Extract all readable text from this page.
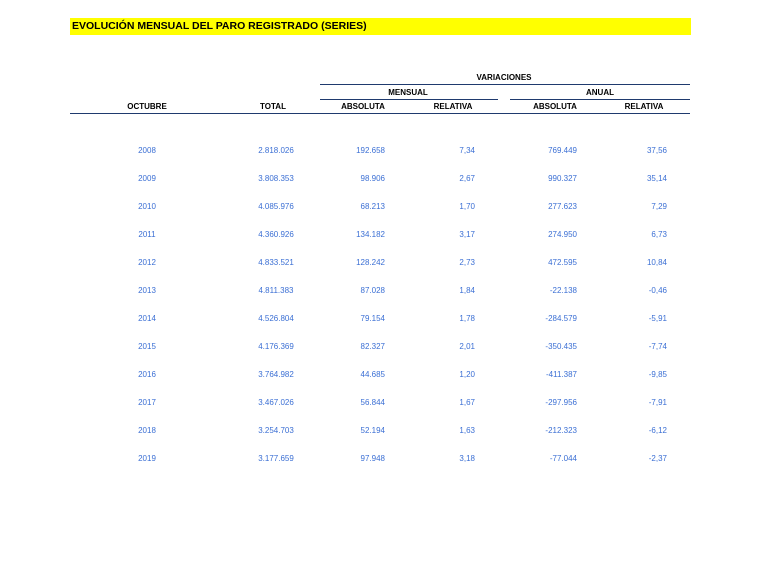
EVOLUCIÓN MENSUAL DEL PARO REGISTRADO (SERIES)
VARIACIONES
MENSUAL	ANUAL
OCTUBRE	TOTAL	ABSOLUTA	RELATIVA	ABSOLUTA	RELATIVA
2008	2.818.026	192.658	7,34	769.449	37,56
2009	3.808.353	98.906	2,67	990.327	35,14
2010	4.085.976	68.213	1,70	277.623	7,29
2011	4.360.926	134.182	3,17	274.950	6,73
2012	4.833.521	128.242	2,73	472.595	10,84
2013	4.811.383	87.028	1,84	-22.138	-0,46
2014	4.526.804	79.154	1,78	-284.579	-5,91
2015	4.176.369	82.327	2,01	-350.435	-7,74
2016	3.764.982	44.685	1,20	-411.387	-9,85
2017	3.467.026	56.844	1,67	-297.956	-7,91
2018	3.254.703	52.194	1,63	-212.323	-6,12
2019	3.177.659	97.948	3,18	-77.044	-2,37
